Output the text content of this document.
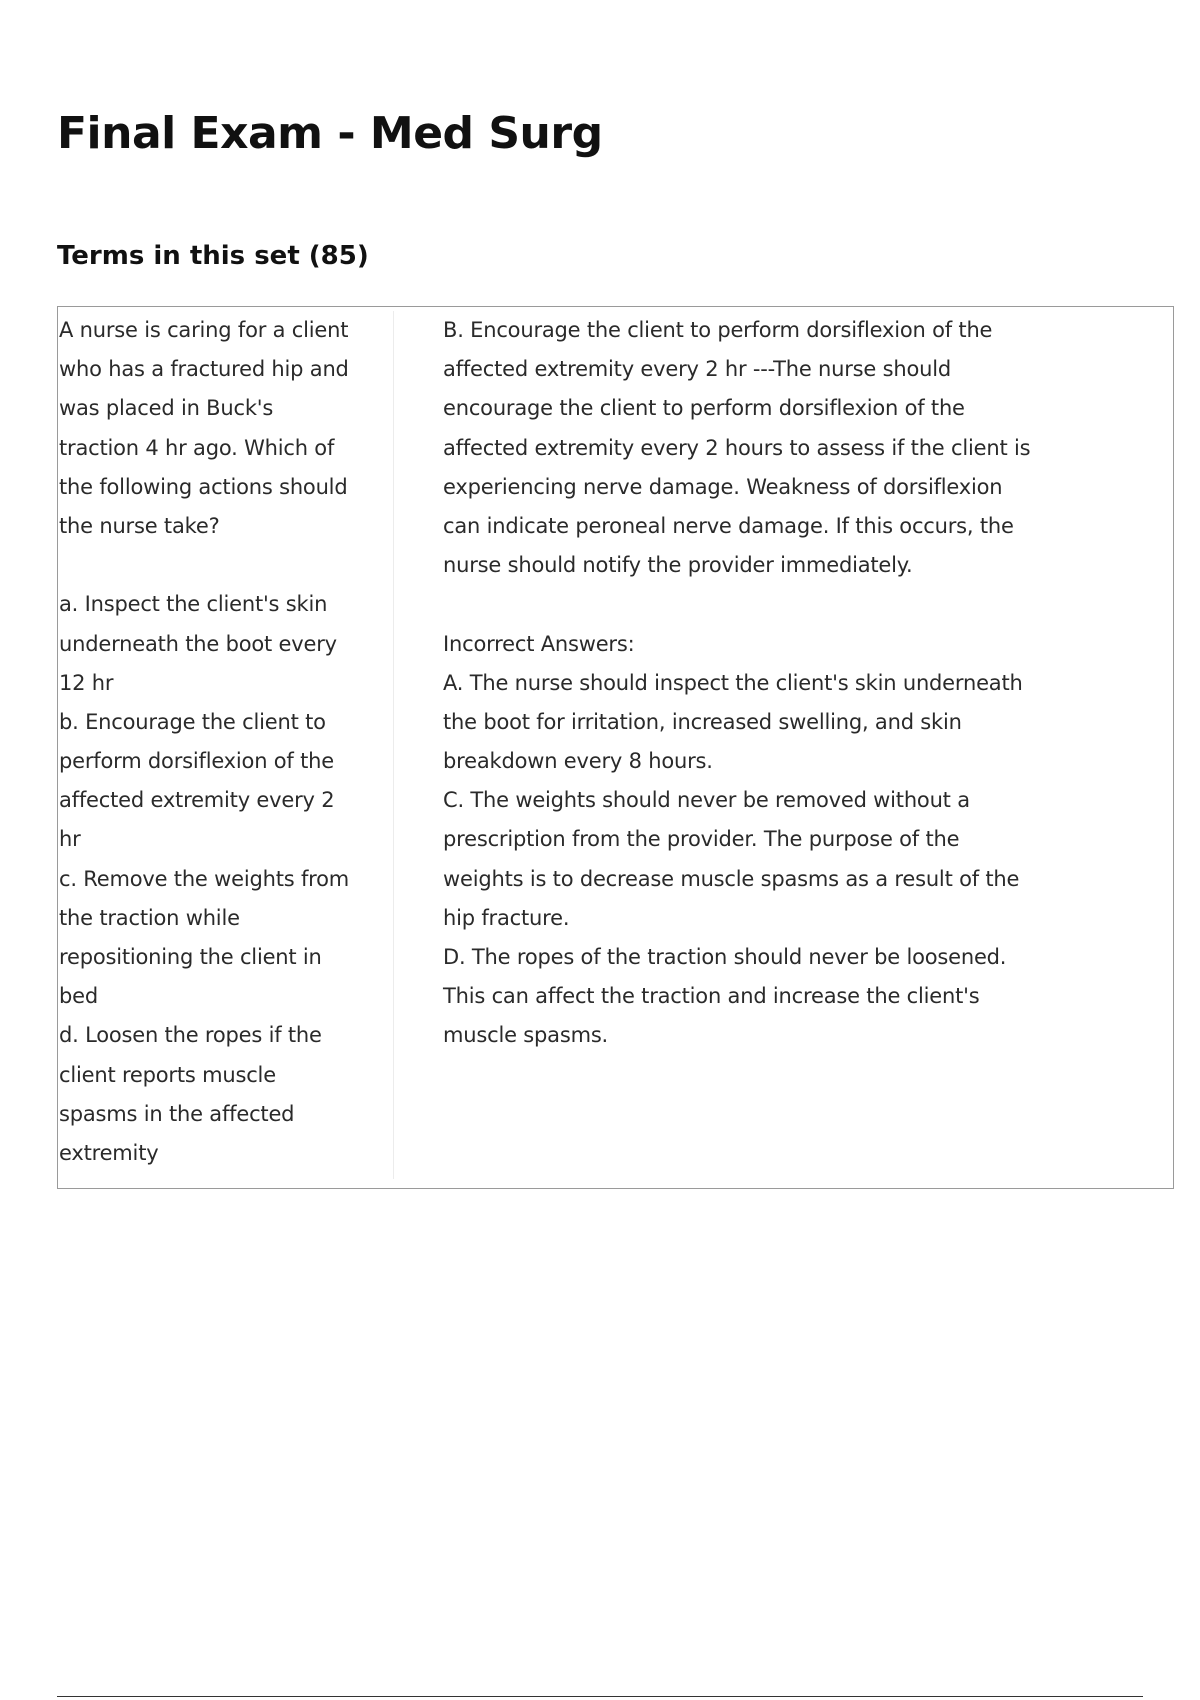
Final Exam - Med Surg
Terms in this set (85)
A nurse is caring for a client
who has a fractured hip and
was placed in Buck's
traction 4 hr ago. Which of
the following actions should
the nurse take?
a. Inspect the client's skin
underneath the boot every
12 hr
b. Encourage the client to
perform dorsiflexion of the
affected extremity every 2
hr
c. Remove the weights from
the traction while
repositioning the client in
bed
d. Loosen the ropes if the
client reports muscle
spasms in the affected
extremity
B. Encourage the client to perform dorsiflexion of the
affected extremity every 2 hr ---The nurse should
encourage the client to perform dorsiflexion of the
affected extremity every 2 hours to assess if the client is
experiencing nerve damage. Weakness of dorsiflexion
can indicate peroneal nerve damage. If this occurs, the
nurse should notify the provider immediately.
Incorrect Answers:
A. The nurse should inspect the client's skin underneath
the boot for irritation, increased swelling, and skin
breakdown every 8 hours.
C. The weights should never be removed without a
prescription from the provider. The purpose of the
weights is to decrease muscle spasms as a result of the
hip fracture.
D. The ropes of the traction should never be loosened.
This can affect the traction and increase the client's
muscle spasms.
